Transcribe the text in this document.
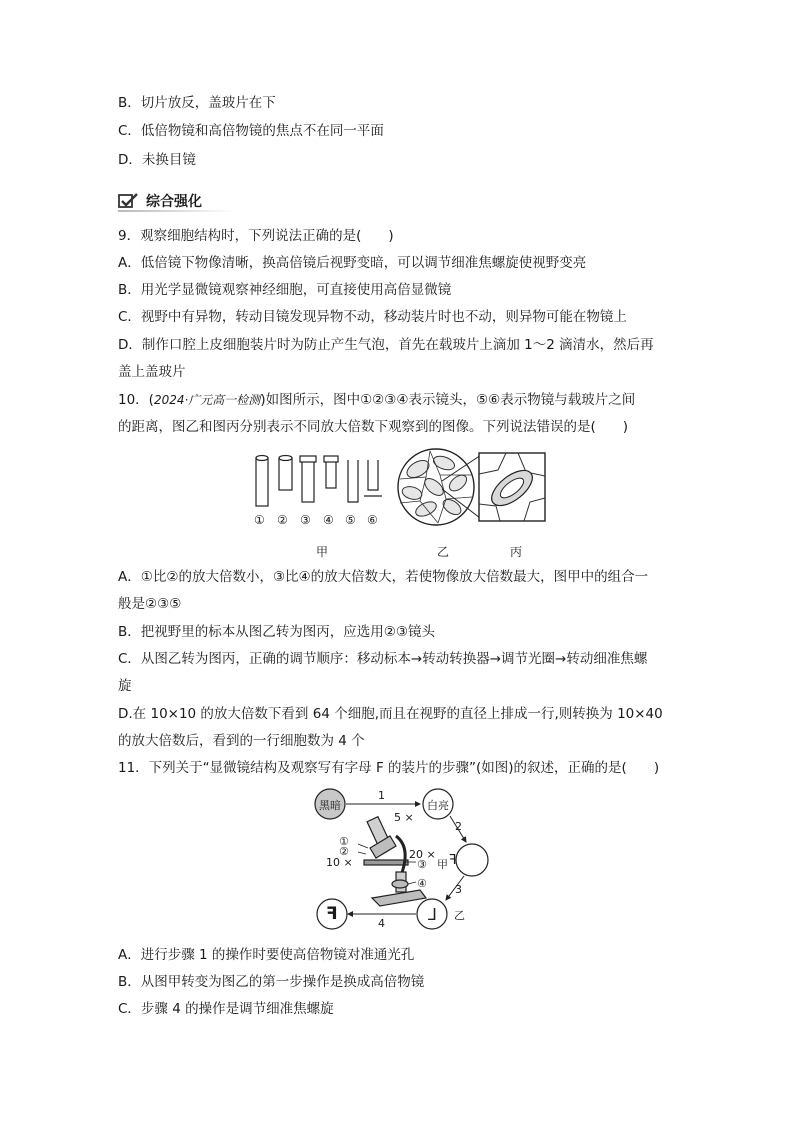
B．切片放反，盖玻片在下
C．低倍物镜和高倍物镜的焦点不在同一平面
D．未换目镜
综合强化
9．观察细胞结构时，下列说法正确的是(　　)
A．低倍镜下物像清晰，换高倍镜后视野变暗，可以调节细准焦螺旋使视野变亮
B．用光学显微镜观察神经细胞，可直接使用高倍显微镜
C．视野中有异物，转动目镜发现异物不动，移动装片时也不动，则异物可能在物镜上
D．制作口腔上皮细胞装片时为防止产生气泡，首先在载玻片上滴加 1～2 滴清水，然后再
盖上盖玻片
10．(2024·广元高一检测)如图所示，图中①②③④表示镜头，⑤⑥表示物镜与载玻片之间
的距离，图乙和图丙分别表示不同放大倍数下观察到的图像。下列说法错误的是(　　)
① ② ③ ④ ⑤ ⑥
甲	乙	丙
A．①比②的放大倍数小，③比④的放大倍数大，若使物像放大倍数最大，图甲中的组合一
般是②③⑤
B．把视野里的标本从图乙转为图丙，应选用②③镜头
C．从图乙转为图丙，正确的调节顺序：移动标本→转动转换器→调节光圈→转动细准焦螺
旋
D.在 10×10 的放大倍数下看到 64 个细胞,而且在视野的直径上排成一行,则转换为 10×40
的放大倍数后，看到的一行细胞数为 4 个
11．下列关于“显微镜结构及观察写有字母 F 的装片的步骤”(如图)的叙述，正确的是(　　)
ᒧ
黑暗	白亮
1
5 ×
2
①
②
10 ×
20 ×
③
④
F
甲
3
乙
4
F
A．进行步骤 1 的操作时要使高倍物镜对准通光孔
B．从图甲转变为图乙的第一步操作是换成高倍物镜
C．步骤 4 的操作是调节细准焦螺旋
